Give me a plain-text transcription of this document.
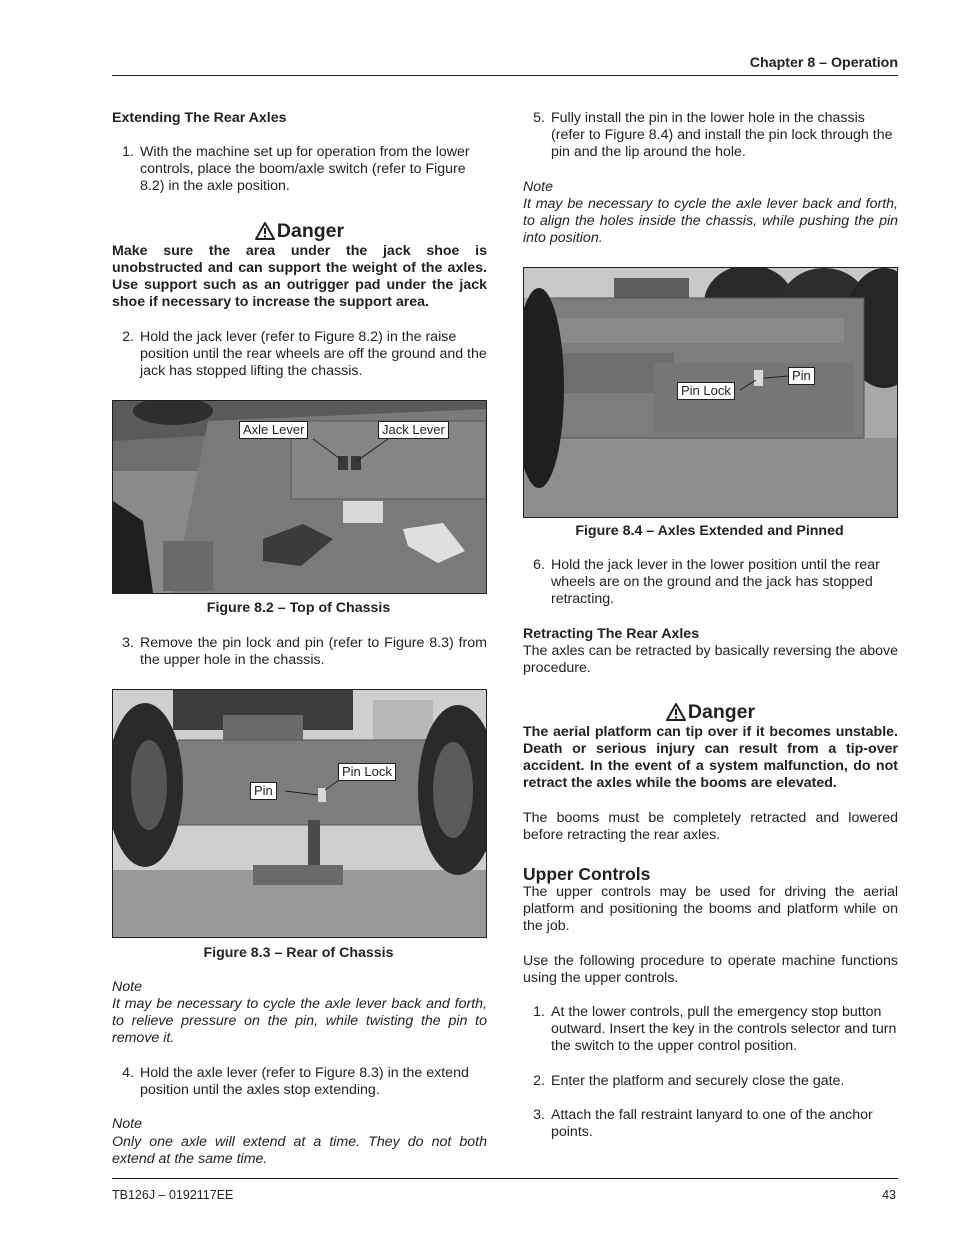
Chapter 8 – Operation
Extending The Rear Axles
1. With the machine set up for operation from the lower controls, place the boom/axle switch (refer to Figure 8.2) in the axle position.
Danger
Make sure the area under the jack shoe is unobstructed and can support the weight of the axles. Use support such as an outrigger pad under the jack shoe if necessary to increase the support area.
2. Hold the jack lever (refer to Figure 8.2) in the raise position until the rear wheels are off the ground and the jack has stopped lifting the chassis.
Axle Lever	Jack Lever
Figure 8.2 – Top of Chassis
3. Remove the pin lock and pin (refer to Figure 8.3) from the upper hole in the chassis.
Pin Lock
Pin
Figure 8.3 – Rear of Chassis
Note
It may be necessary to cycle the axle lever back and forth, to relieve pressure on the pin, while twisting the pin to remove it.
4. Hold the axle lever (refer to Figure 8.3) in the extend position until the axles stop extending.
Note
Only one axle will extend at a time. They do not both extend at the same time.
5. Fully install the pin in the lower hole in the chassis (refer to Figure 8.4) and install the pin lock through the pin and the lip around the hole.
Note
It may be necessary to cycle the axle lever back and forth, to align the holes inside the chassis, while pushing the pin into position.
Pin Lock
Pin
Figure 8.4 – Axles Extended and Pinned
6. Hold the jack lever in the lower position until the rear wheels are on the ground and the jack has stopped retracting.
Retracting The Rear Axles
The axles can be retracted by basically reversing the above procedure.
Danger
The aerial platform can tip over if it becomes unstable. Death or serious injury can result from a tip-over accident. In the event of a system malfunction, do not retract the axles while the booms are elevated.
The booms must be completely retracted and lowered before retracting the rear axles.
Upper Controls
The upper controls may be used for driving the aerial platform and positioning the booms and platform while on the job.
Use the following procedure to operate machine functions using the upper controls.
1. At the lower controls, pull the emergency stop button outward. Insert the key in the controls selector and turn the switch to the upper control position.
2. Enter the platform and securely close the gate.
3. Attach the fall restraint lanyard to one of the anchor points.
TB126J – 0192117EE	43
